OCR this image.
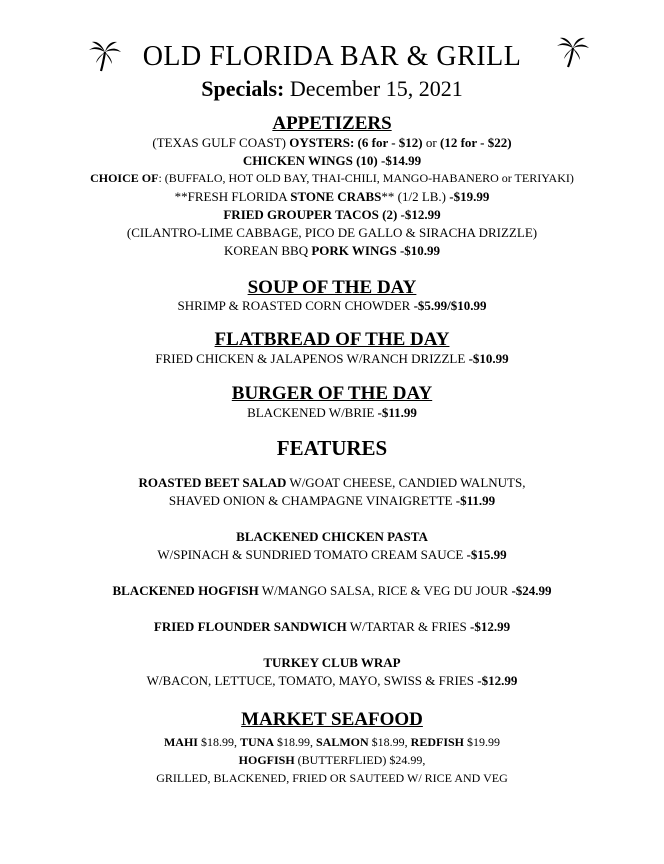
OLD FLORIDA BAR & GRILL
Specials: December 15, 2021
APPETIZERS
(TEXAS GULF COAST) OYSTERS: (6 for - $12) or (12 for - $22)
CHICKEN WINGS (10) -$14.99
CHOICE OF: (BUFFALO, HOT OLD BAY, THAI-CHILI, MANGO-HABANERO or TERIYAKI)
**FRESH FLORIDA STONE CRABS** (1/2 LB.) -$19.99
FRIED GROUPER TACOS (2) -$12.99
(CILANTRO-LIME CABBAGE, PICO DE GALLO & SIRACHA DRIZZLE)
KOREAN BBQ PORK WINGS -$10.99
SOUP OF THE DAY
SHRIMP & ROASTED CORN CHOWDER -$5.99/$10.99
FLATBREAD OF THE DAY
FRIED CHICKEN & JALAPENOS W/RANCH DRIZZLE -$10.99
BURGER OF THE DAY
BLACKENED W/BRIE -$11.99
FEATURES
ROASTED BEET SALAD W/GOAT CHEESE, CANDIED WALNUTS,
SHAVED ONION & CHAMPAGNE VINAIGRETTE -$11.99
BLACKENED CHICKEN PASTA
W/SPINACH & SUNDRIED TOMATO CREAM SAUCE -$15.99
BLACKENED HOGFISH W/MANGO SALSA, RICE & VEG DU JOUR -$24.99
FRIED FLOUNDER SANDWICH W/TARTAR & FRIES -$12.99
TURKEY CLUB WRAP
W/BACON, LETTUCE, TOMATO, MAYO, SWISS & FRIES -$12.99
MARKET SEAFOOD
MAHI $18.99, TUNA $18.99, SALMON $18.99, REDFISH $19.99
HOGFISH (BUTTERFLIED) $24.99,
GRILLED, BLACKENED, FRIED OR SAUTEED W/ RICE AND VEG
